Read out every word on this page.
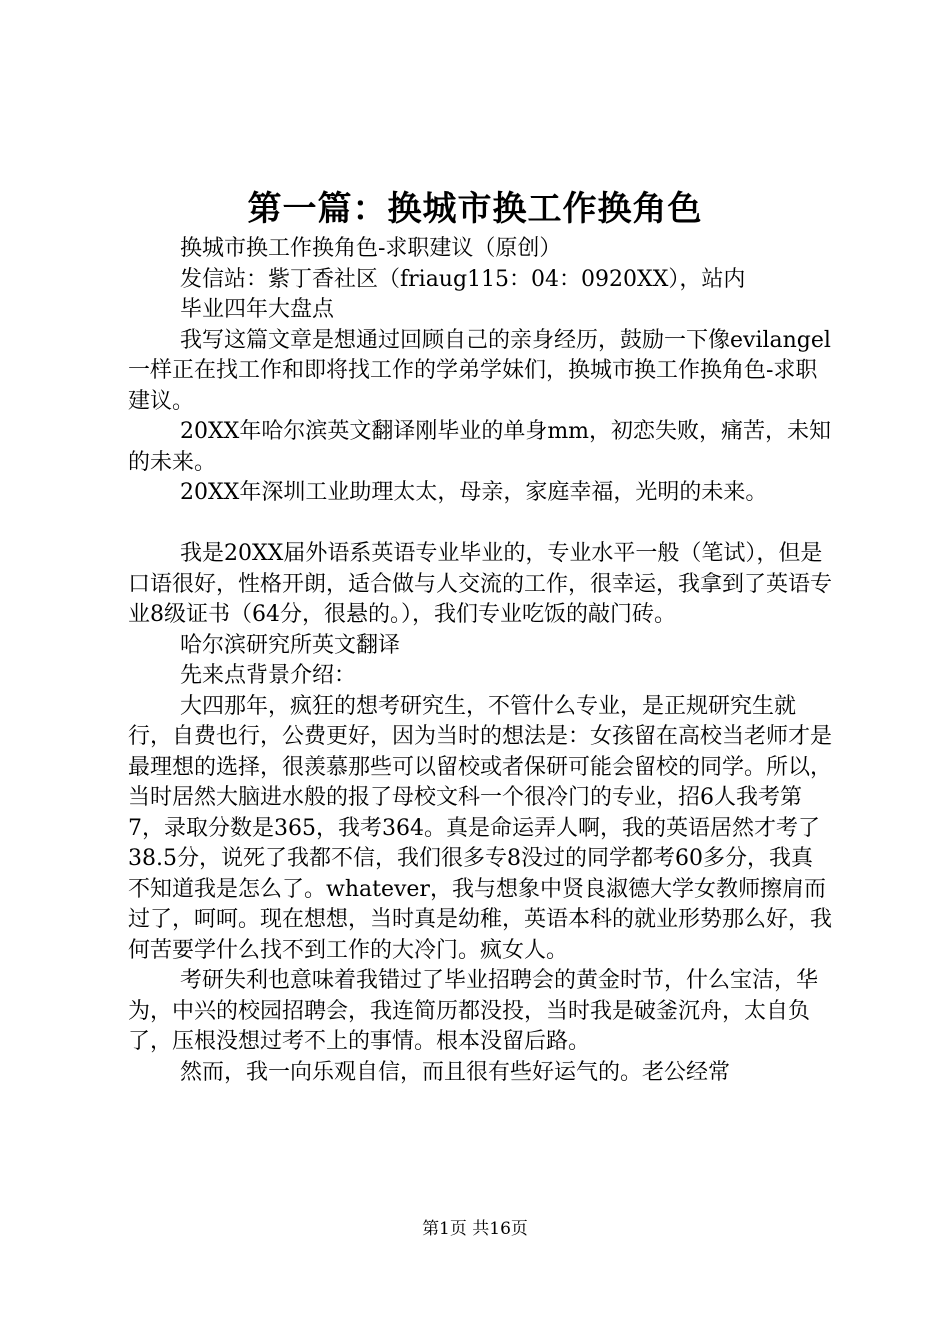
第一篇：换城市换工作换角色

换城市换工作换角色-求职建议（原创）

发信站：紫丁香社区（friaug115：04：0920XX），站内

毕业四年大盘点

我写这篇文章是想通过回顾自己的亲身经历，鼓励一下像evilangel一样正在找工作和即将找工作的学弟学妹们，换城市换工作换角色-求职建议。

20XX年哈尔滨英文翻译刚毕业的单身mm，初恋失败，痛苦，未知的未来。

20XX年深圳工业助理太太，母亲，家庭幸福，光明的未来。

我是20XX届外语系英语专业毕业的，专业水平一般（笔试），但是口语很好，性格开朗，适合做与人交流的工作，很幸运，我拿到了英语专业8级证书（64分，很悬的。），我们专业吃饭的敲门砖。

哈尔滨研究所英文翻译

先来点背景介绍：

大四那年，疯狂的想考研究生，不管什么专业，是正规研究生就行，自费也行，公费更好，因为当时的想法是：女孩留在高校当老师才是最理想的选择，很羡慕那些可以留校或者保研可能会留校的同学。所以，当时居然大脑进水般的报了母校文科一个很冷门的专业，招6人我考第7，录取分数是365，我考364。真是命运弄人啊，我的英语居然才考了38.5分，说死了我都不信，我们很多专8没过的同学都考60多分，我真不知道我是怎么了。whatever，我与想象中贤良淑德大学女教师擦肩而过了，呵呵。现在想想，当时真是幼稚，英语本科的就业形势那么好，我何苦要学什么找不到工作的大冷门。疯女人。

考研失利也意味着我错过了毕业招聘会的黄金时节，什么宝洁，华为，中兴的校园招聘会，我连简历都没投，当时我是破釜沉舟，太自负了，压根没想过考不上的事情。根本没留后路。

然而，我一向乐观自信，而且很有些好运气的。老公经常

第1页 共16页
